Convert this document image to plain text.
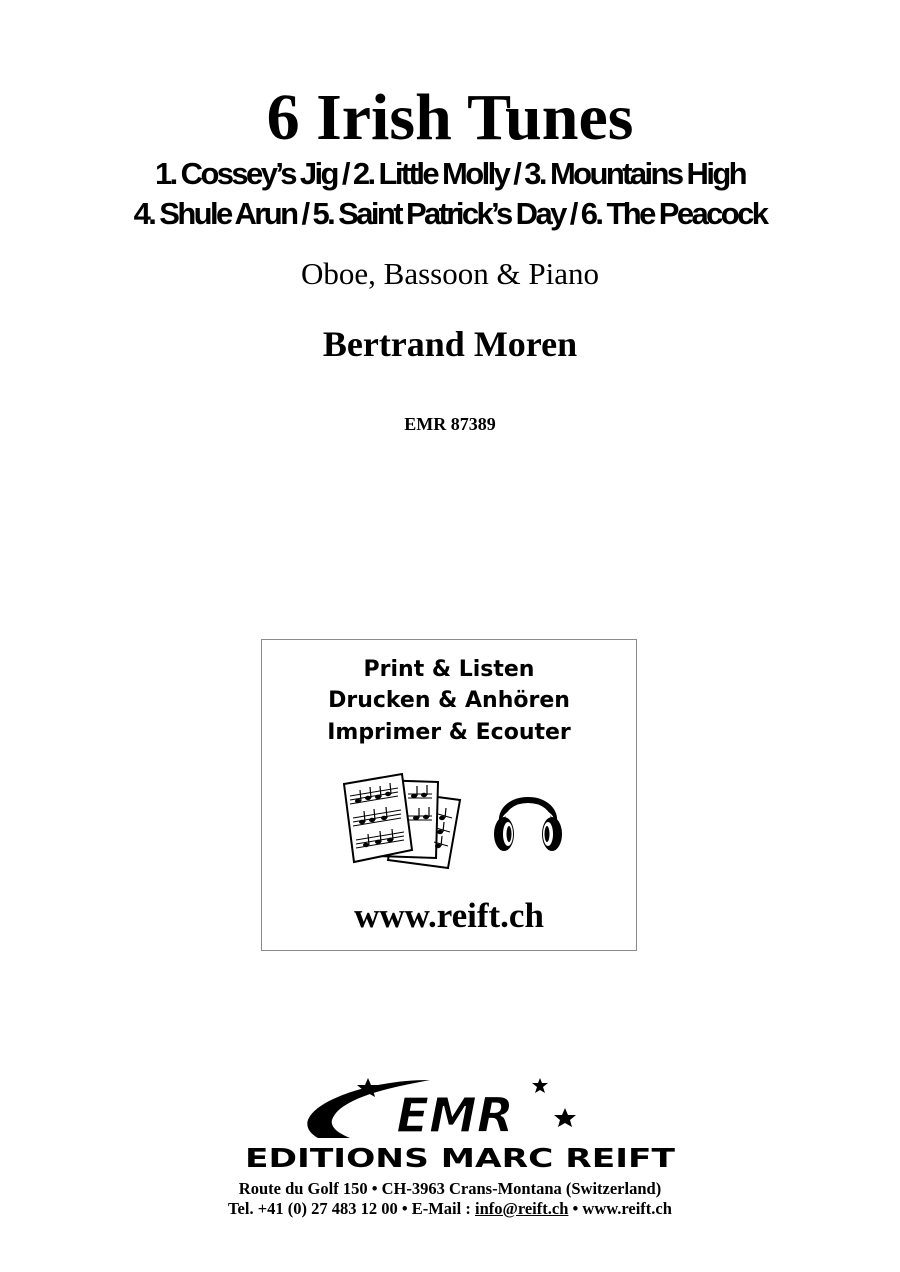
6 Irish Tunes
1. Cossey’s Jig / 2. Little Molly / 3. Mountains High
4. Shule Arun / 5. Saint Patrick’s Day / 6. The Peacock
Oboe, Bassoon & Piano
Bertrand Moren
EMR 87389
Print & Listen
Drucken & Anhören
Imprimer & Ecouter
www.reift.ch
EMR
EDITIONS MARC REIFT
Route du Golf 150 • CH-3963 Crans-Montana (Switzerland)
Tel. +41 (0) 27 483 12 00 • E-Mail : info@reift.ch • www.reift.ch
